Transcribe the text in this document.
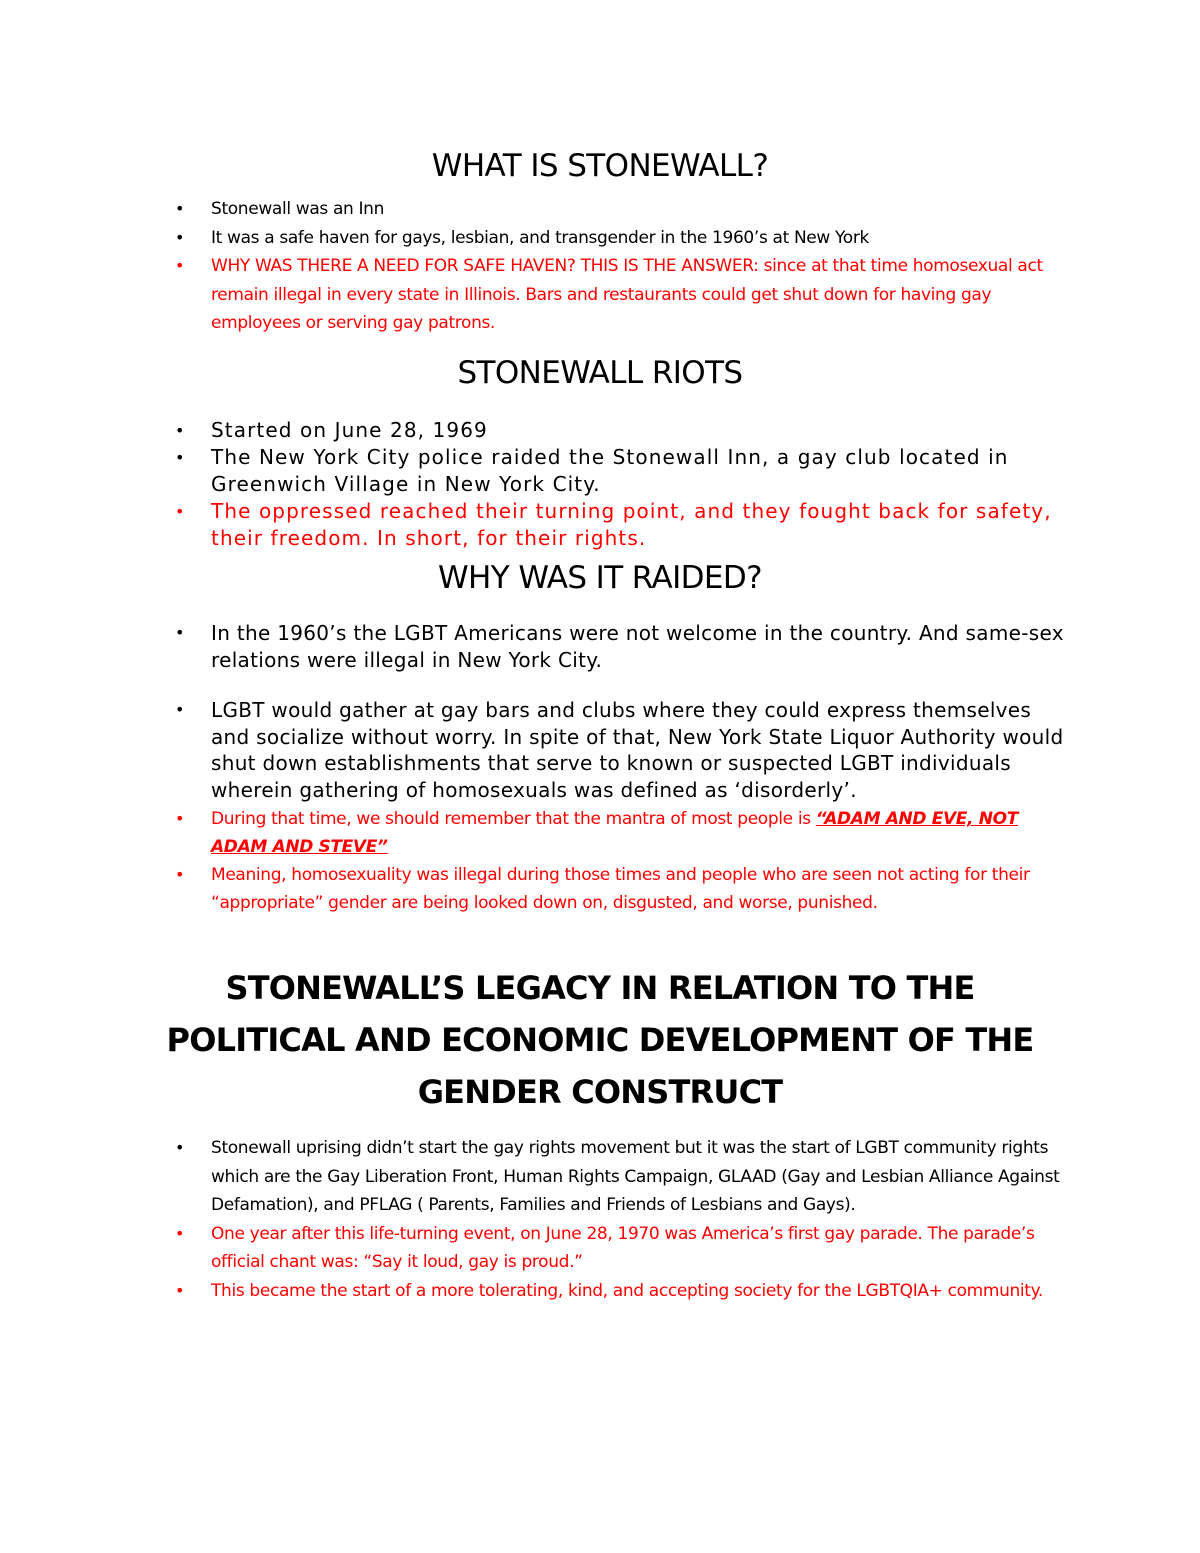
WHAT IS STONEWALL?
• Stonewall was an Inn
• It was a safe haven for gays, lesbian, and transgender in the 1960’s at New York
• WHY WAS THERE A NEED FOR SAFE HAVEN? THIS IS THE ANSWER: since at that time homosexual act remain illegal in every state in Illinois. Bars and restaurants could get shut down for having gay employees or serving gay patrons.
STONEWALL RIOTS
• Started on June 28, 1969
• The New York City police raided the Stonewall Inn, a gay club located in Greenwich Village in New York City.
• The oppressed reached their turning point, and they fought back for safety, their freedom. In short, for their rights.
WHY WAS IT RAIDED?
• In the 1960’s the LGBT Americans were not welcome in the country. And same-sex relations were illegal in New York City.
• LGBT would gather at gay bars and clubs where they could express themselves and socialize without worry. In spite of that, New York State Liquor Authority would shut down establishments that serve to known or suspected LGBT individuals wherein gathering of homosexuals was defined as ‘disorderly’.
• During that time, we should remember that the mantra of most people is “ADAM AND EVE, NOT ADAM AND STEVE”
• Meaning, homosexuality was illegal during those times and people who are seen not acting for their “appropriate” gender are being looked down on, disgusted, and worse, punished.
STONEWALL’S LEGACY IN RELATION TO THE POLITICAL AND ECONOMIC DEVELOPMENT OF THE GENDER CONSTRUCT
• Stonewall uprising didn’t start the gay rights movement but it was the start of LGBT community rights which are the Gay Liberation Front, Human Rights Campaign, GLAAD (Gay and Lesbian Alliance Against Defamation), and PFLAG ( Parents, Families and Friends of Lesbians and Gays).
• One year after this life-turning event, on June 28, 1970 was America’s first gay parade. The parade’s official chant was: “Say it loud, gay is proud.”
• This became the start of a more tolerating, kind, and accepting society for the LGBTQIA+ community.
